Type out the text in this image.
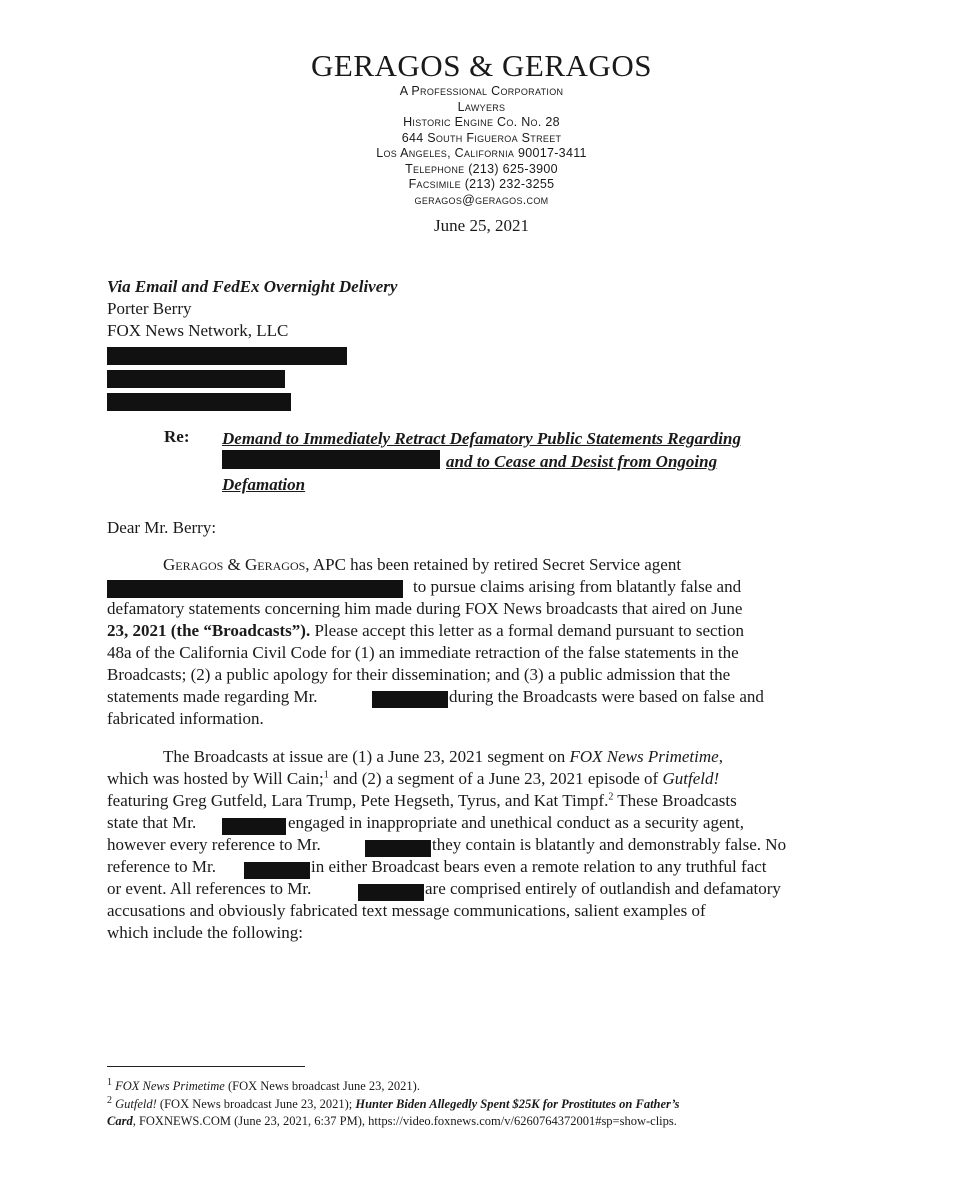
GERAGOS & GERAGOS
A Professional Corporation
Lawyers
Historic Engine Co. No. 28
644 South Figueroa Street
Los Angeles, California 90017-3411
Telephone (213) 625-3900
Facsimile (213) 232-3255
geragos@geragos.com
June 25, 2021
Via Email and FedEx Overnight Delivery
Porter Berry
FOX News Network, LLC
Re: Demand to Immediately Retract Defamatory Public Statements Regarding
and to Cease and Desist from Ongoing
Defamation
Dear Mr. Berry:
Geragos & Geragos, APC has been retained by retired Secret Service agent
to pursue claims arising from blatantly false and
defamatory statements concerning him made during FOX News broadcasts that aired on June
23, 2021 (the “Broadcasts”). Please accept this letter as a formal demand pursuant to section
48a of the California Civil Code for (1) an immediate retraction of the false statements in the
Broadcasts; (2) a public apology for their dissemination; and (3) a public admission that the
statements made regarding Mr.	during the Broadcasts were based on false and
fabricated information.
The Broadcasts at issue are (1) a June 23, 2021 segment on FOX News Primetime,
which was hosted by Will Cain;$^1$ and (2) a segment of a June 23, 2021 episode of Gutfeld!
featuring Greg Gutfeld, Lara Trump, Pete Hegseth, Tyrus, and Kat Timpf.$^2$ These Broadcasts
state that Mr.	engaged in inappropriate and unethical conduct as a security agent,
however every reference to Mr.	they contain is blatantly and demonstrably false. No
reference to Mr.	in either Broadcast bears even a remote relation to any truthful fact
or event. All references to Mr.	are comprised entirely of outlandish and defamatory
accusations and obviously fabricated text message communications, salient examples of
which include the following:
$^1$ FOX News Primetime (FOX News broadcast June 23, 2021).
$^2$ Gutfeld! (FOX News broadcast June 23, 2021); Hunter Biden Allegedly Spent $25K for Prostitutes on Father’s
Card, FOXNEWS.COM (June 23, 2021, 6:37 PM), https://video.foxnews.com/v/6260764372001#sp=show-clips.
